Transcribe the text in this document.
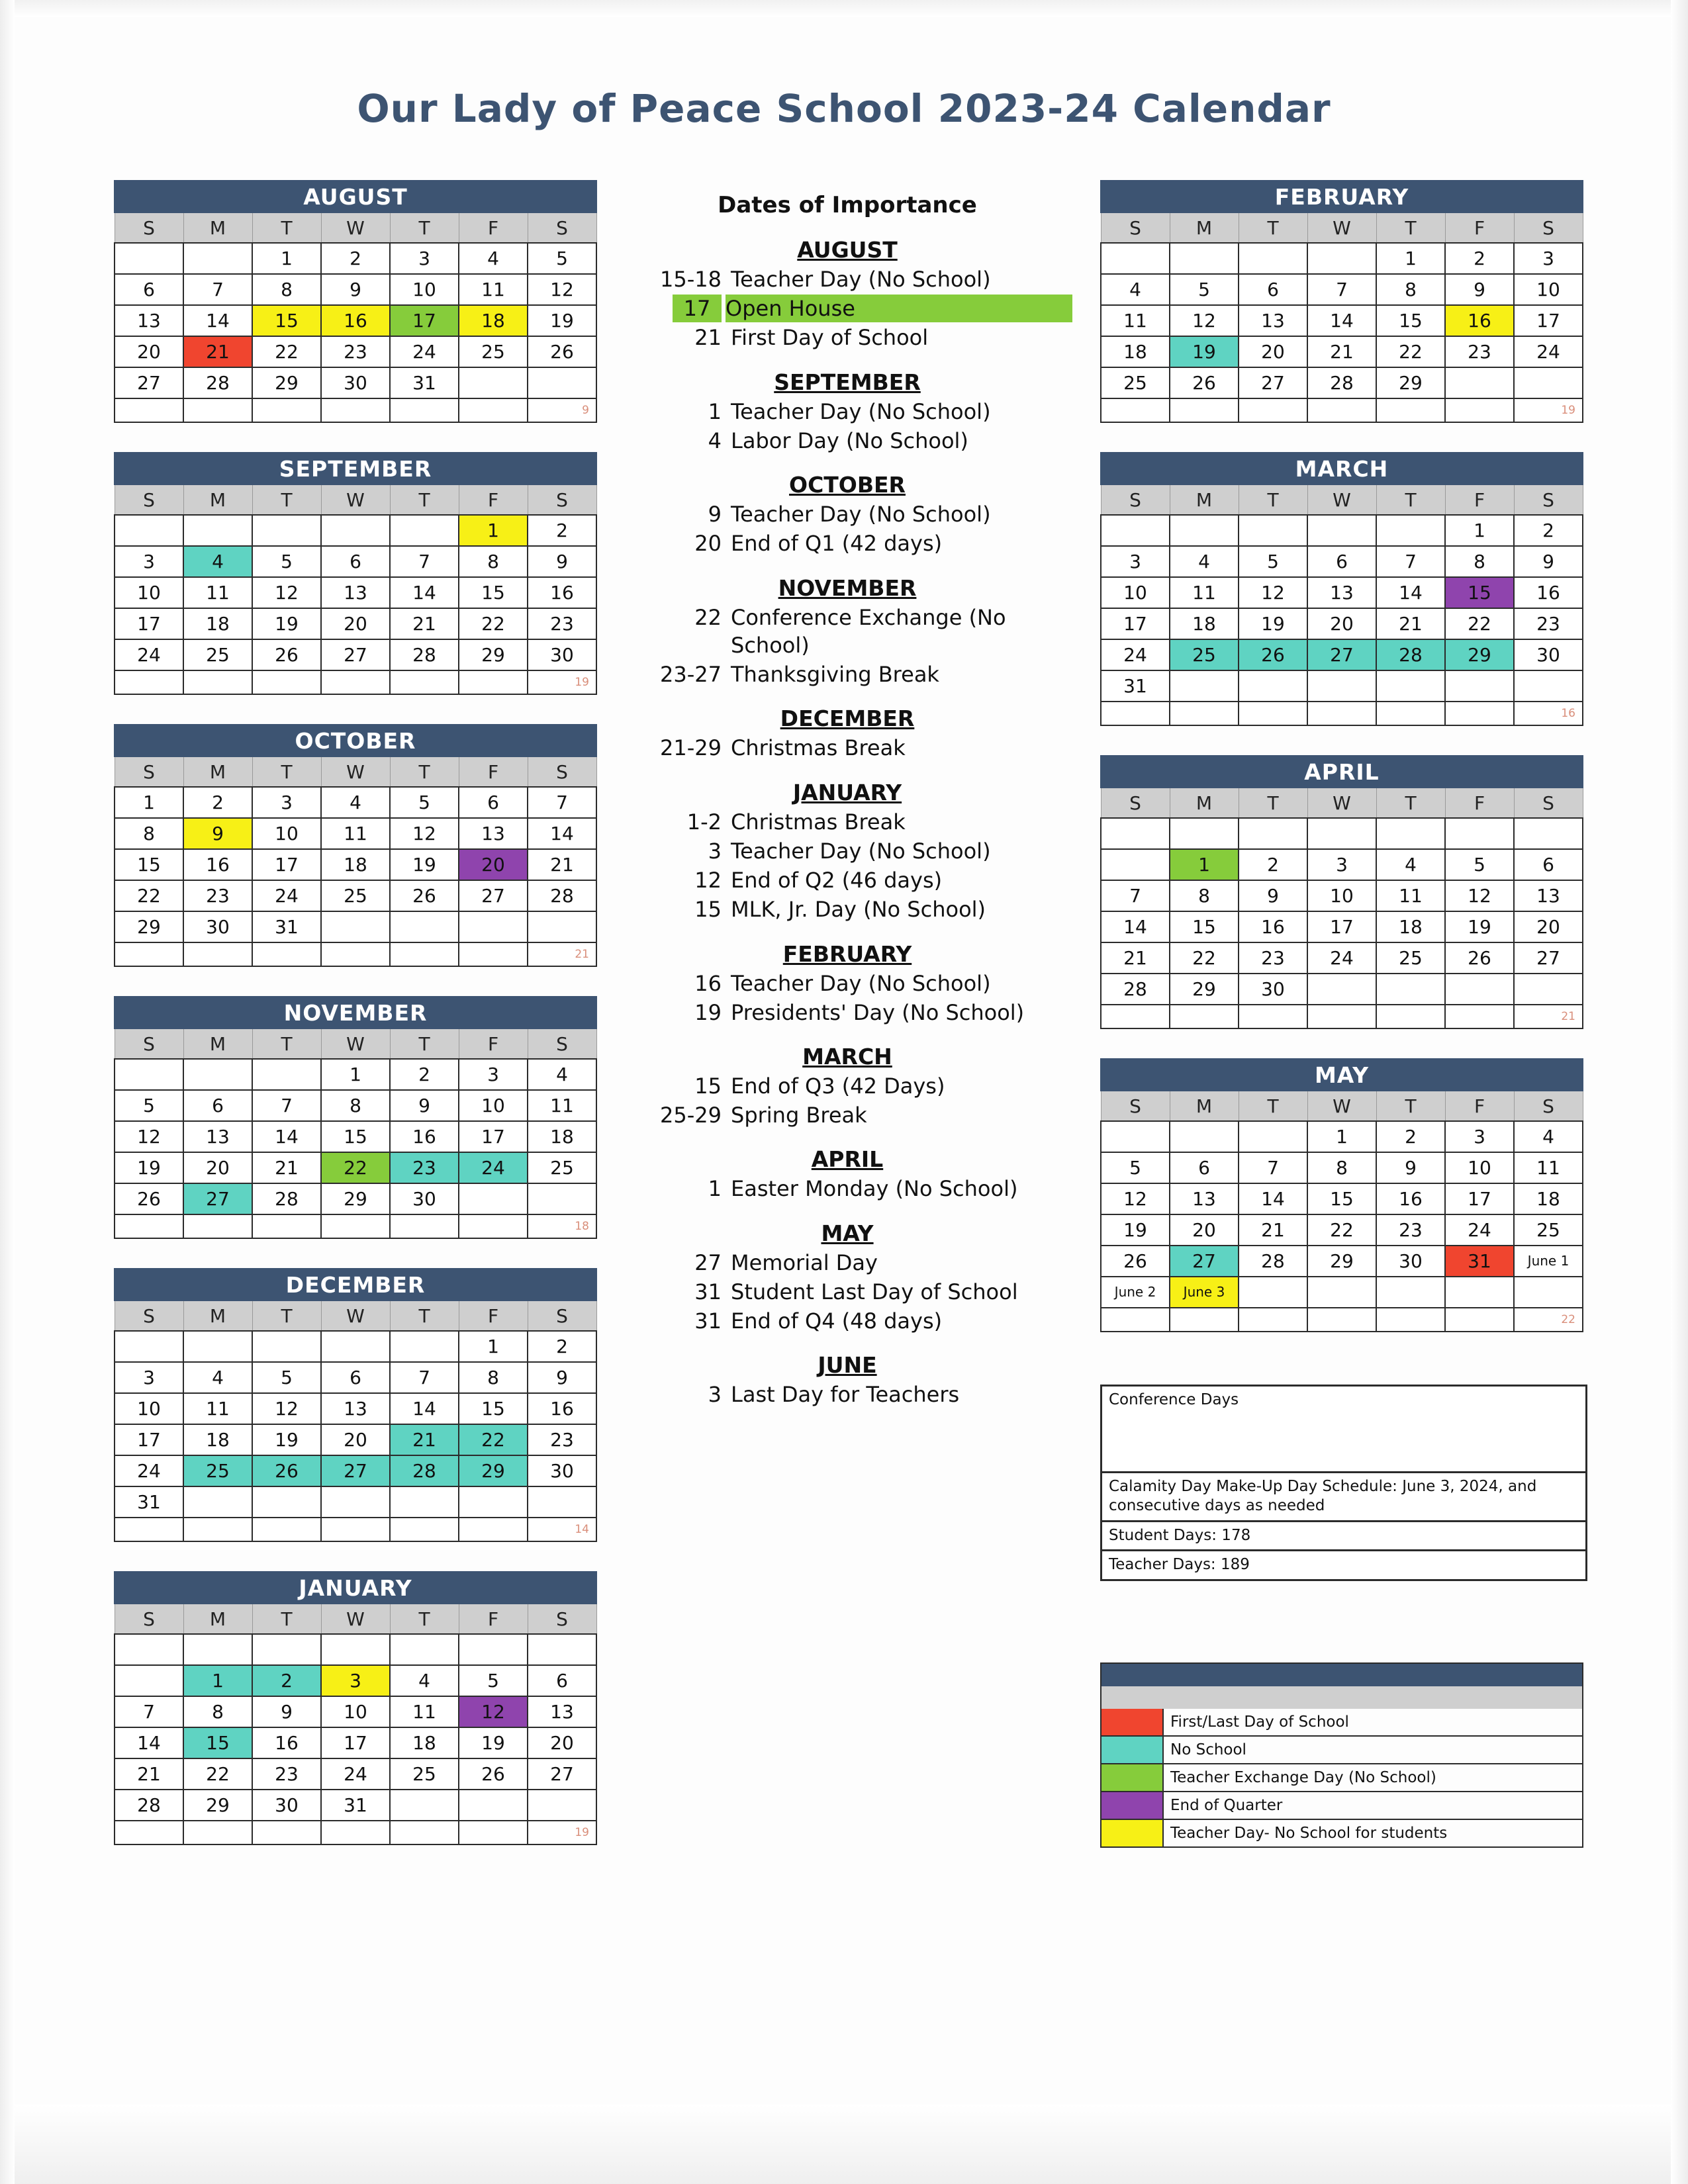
Our Lady of Peace School 2023-24 Calendar
AUGUST						
S	M	T	W	T	F	S
		1	2	3	4	5
6	7	8	9	10	11	12
13	14	15	16	17	18	19
20	21	22	23	24	25	26
27	28	29	30	31		
						9
SEPTEMBER						
S	M	T	W	T	F	S
					1	2
3	4	5	6	7	8	9
10	11	12	13	14	15	16
17	18	19	20	21	22	23
24	25	26	27	28	29	30
						19
OCTOBER						
S	M	T	W	T	F	S
1	2	3	4	5	6	7
8	9	10	11	12	13	14
15	16	17	18	19	20	21
22	23	24	25	26	27	28
29	30	31				
						21
NOVEMBER						
S	M	T	W	T	F	S
			1	2	3	4
5	6	7	8	9	10	11
12	13	14	15	16	17	18
19	20	21	22	23	24	25
26	27	28	29	30		
						18
DECEMBER						
S	M	T	W	T	F	S
					1	2
3	4	5	6	7	8	9
10	11	12	13	14	15	16
17	18	19	20	21	22	23
24	25	26	27	28	29	30
31						
						14
JANUARY						
S	M	T	W	T	F	S

	1	2	3	4	5	6
7	8	9	10	11	12	13
14	15	16	17	18	19	20
21	22	23	24	25	26	27
28	29	30	31			
						19
Dates of Importance
AUGUST
15-18 Teacher Day (No School)
17 Open House
21 First Day of School
SEPTEMBER
1 Teacher Day (No School)
4 Labor Day (No School)
OCTOBER
9 Teacher Day (No School)
20 End of Q1 (42 days)
NOVEMBER
22 Conference Exchange (No School)
23-27 Thanksgiving Break
DECEMBER
21-29 Christmas Break
JANUARY
1-2 Christmas Break
3 Teacher Day (No School)
12 End of Q2 (46 days)
15 MLK, Jr. Day (No School)
FEBRUARY
16 Teacher Day (No School)
19 Presidents' Day (No School)
MARCH
15 End of Q3 (42 Days)
25-29 Spring Break
APRIL
1 Easter Monday (No School)
MAY
27 Memorial Day
31 Student Last Day of School
31 End of Q4 (48 days)
JUNE
3 Last Day for Teachers
FEBRUARY						
S	M	T	W	T	F	S
				1	2	3
4	5	6	7	8	9	10
11	12	13	14	15	16	17
18	19	20	21	22	23	24
25	26	27	28	29		
						19
MARCH						
S	M	T	W	T	F	S
					1	2
3	4	5	6	7	8	9
10	11	12	13	14	15	16
17	18	19	20	21	22	23
24	25	26	27	28	29	30
31						
						16
APRIL						
S	M	T	W	T	F	S

	1	2	3	4	5	6
7	8	9	10	11	12	13
14	15	16	17	18	19	20
21	22	23	24	25	26	27
28	29	30				
						21
MAY						
S	M	T	W	T	F	S
			1	2	3	4
5	6	7	8	9	10	11
12	13	14	15	16	17	18
19	20	21	22	23	24	25
26	27	28	29	30	31	June 1
June 2	June 3					
						22
Conference Days
Calamity Day Make-Up Day Schedule: June 3, 2024, and consecutive days as needed
Student Days: 178
Teacher Days: 189
First/Last Day of School
No School
Teacher Exchange Day (No School)
End of Quarter
Teacher Day- No School for students
